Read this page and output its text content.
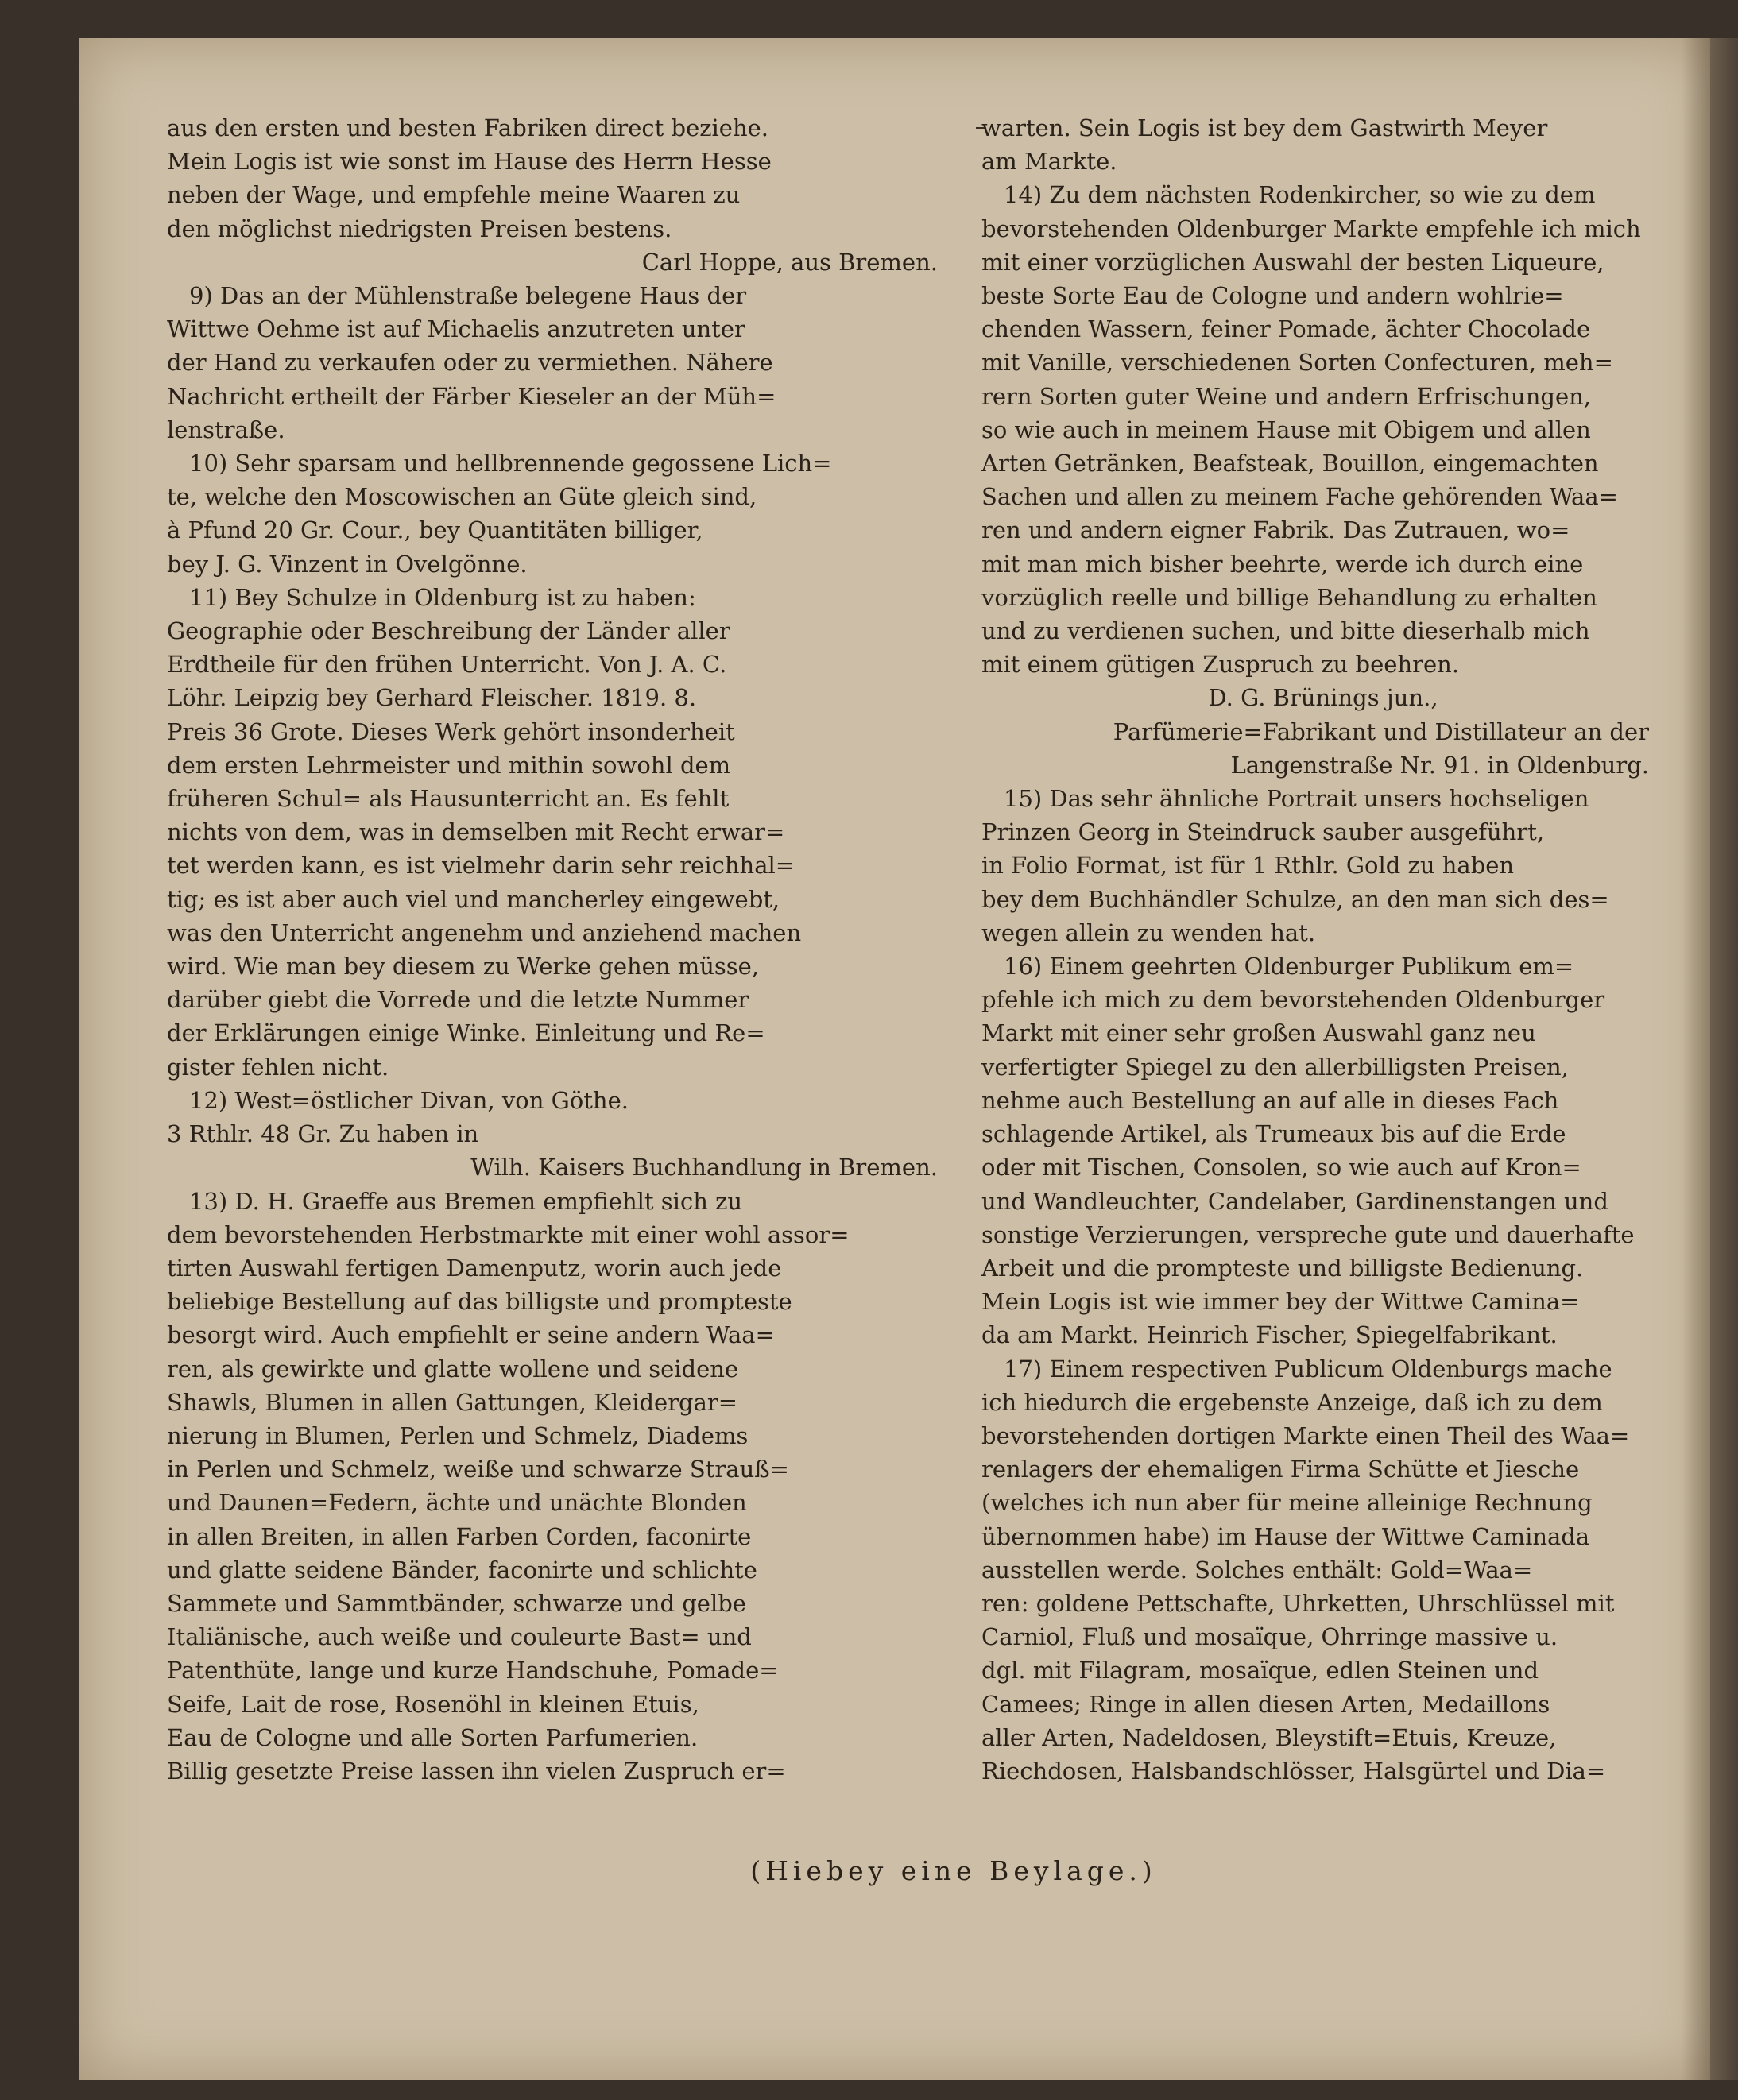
aus den ersten und besten Fabriken direct beziehe.

Mein Logis ist wie sonst im Hause des Herrn Hesse

neben der Wage, und empfehle meine Waaren zu

den möglichst niedrigsten Preisen bestens.

Carl Hoppe, aus Bremen.

9) Das an der Mühlenstraße belegene Haus der

Wittwe Oehme ist auf Michaelis anzutreten unter

der Hand zu verkaufen oder zu vermiethen. Nähere

Nachricht ertheilt der Färber Kieseler an der Müh=

lenstraße.

10) Sehr sparsam und hellbrennende gegossene Lich=

te, welche den Moscowischen an Güte gleich sind,

à Pfund 20 Gr. Cour., bey Quantitäten billiger,

bey J. G. Vinzent in Ovelgönne.

11) Bey Schulze in Oldenburg ist zu haben:

Geographie oder Beschreibung der Länder aller

Erdtheile für den frühen Unterricht. Von J. A. C.

Löhr. Leipzig bey Gerhard Fleischer. 1819. 8.

Preis 36 Grote. Dieses Werk gehört insonderheit

dem ersten Lehrmeister und mithin sowohl dem

früheren Schul= als Hausunterricht an. Es fehlt

nichts von dem, was in demselben mit Recht erwar=

tet werden kann, es ist vielmehr darin sehr reichhal=

tig; es ist aber auch viel und mancherley eingewebt,

was den Unterricht angenehm und anziehend machen

wird. Wie man bey diesem zu Werke gehen müsse,

darüber giebt die Vorrede und die letzte Nummer

der Erklärungen einige Winke. Einleitung und Re=

gister fehlen nicht.

12) West=östlicher Divan, von Göthe.

3 Rthlr. 48 Gr. Zu haben in

Wilh. Kaisers Buchhandlung in Bremen.

13) D. H. Graeffe aus Bremen empfiehlt sich zu

dem bevorstehenden Herbstmarkte mit einer wohl assor=

tirten Auswahl fertigen Damenputz, worin auch jede

beliebige Bestellung auf das billigste und prompteste

besorgt wird. Auch empfiehlt er seine andern Waa=

ren, als gewirkte und glatte wollene und seidene

Shawls, Blumen in allen Gattungen, Kleidergar=

nierung in Blumen, Perlen und Schmelz, Diadems

in Perlen und Schmelz, weiße und schwarze Strauß=

und Daunen=Federn, ächte und unächte Blonden

in allen Breiten, in allen Farben Corden, faconirte

und glatte seidene Bänder, faconirte und schlichte

Sammete und Sammtbänder, schwarze und gelbe

Italiänische, auch weiße und couleurte Bast= und

Patenthüte, lange und kurze Handschuhe, Pomade=

Seife, Lait de rose, Rosenöhl in kleinen Etuis,

Eau de Cologne und alle Sorten Parfumerien.

Billig gesetzte Preise lassen ihn vielen Zuspruch er=

warten. Sein Logis ist bey dem Gastwirth Meyer

am Markte.

14) Zu dem nächsten Rodenkircher, so wie zu dem

bevorstehenden Oldenburger Markte empfehle ich mich

mit einer vorzüglichen Auswahl der besten Liqueure,

beste Sorte Eau de Cologne und andern wohlrie=

chenden Wassern, feiner Pomade, ächter Chocolade

mit Vanille, verschiedenen Sorten Confecturen, meh=

rern Sorten guter Weine und andern Erfrischungen,

so wie auch in meinem Hause mit Obigem und allen

Arten Getränken, Beafsteak, Bouillon, eingemachten

Sachen und allen zu meinem Fache gehörenden Waa=

ren und andern eigner Fabrik. Das Zutrauen, wo=

mit man mich bisher beehrte, werde ich durch eine

vorzüglich reelle und billige Behandlung zu erhalten

und zu verdienen suchen, und bitte dieserhalb mich

mit einem gütigen Zuspruch zu beehren.

D. G. Brünings jun.,

Parfümerie=Fabrikant und Distillateur an der

Langenstraße Nr. 91. in Oldenburg.

15) Das sehr ähnliche Portrait unsers hochseligen

Prinzen Georg in Steindruck sauber ausgeführt,

in Folio Format, ist für 1 Rthlr. Gold zu haben

bey dem Buchhändler Schulze, an den man sich des=

wegen allein zu wenden hat.

16) Einem geehrten Oldenburger Publikum em=

pfehle ich mich zu dem bevorstehenden Oldenburger

Markt mit einer sehr großen Auswahl ganz neu

verfertigter Spiegel zu den allerbilligsten Preisen,

nehme auch Bestellung an auf alle in dieses Fach

schlagende Artikel, als Trumeaux bis auf die Erde

oder mit Tischen, Consolen, so wie auch auf Kron=

und Wandleuchter, Candelaber, Gardinenstangen und

sonstige Verzierungen, verspreche gute und dauerhafte

Arbeit und die prompteste und billigste Bedienung.

Mein Logis ist wie immer bey der Wittwe Camina=

da am Markt. Heinrich Fischer, Spiegelfabrikant.

17) Einem respectiven Publicum Oldenburgs mache

ich hiedurch die ergebenste Anzeige, daß ich zu dem

bevorstehenden dortigen Markte einen Theil des Waa=

renlagers der ehemaligen Firma Schütte et Jiesche

(welches ich nun aber für meine alleinige Rechnung

übernommen habe) im Hause der Wittwe Caminada

ausstellen werde. Solches enthält: Gold=Waa=

ren: goldene Pettschafte, Uhrketten, Uhrschlüssel mit

Carniol, Fluß und mosaïque, Ohrringe massive u.

dgl. mit Filagram, mosaïque, edlen Steinen und

Camees; Ringe in allen diesen Arten, Medaillons

aller Arten, Nadeldosen, Bleystift=Etuis, Kreuze,

Riechdosen, Halsbandschlösser, Halsgürtel und Dia=

(Hiebey eine Beylage.)
